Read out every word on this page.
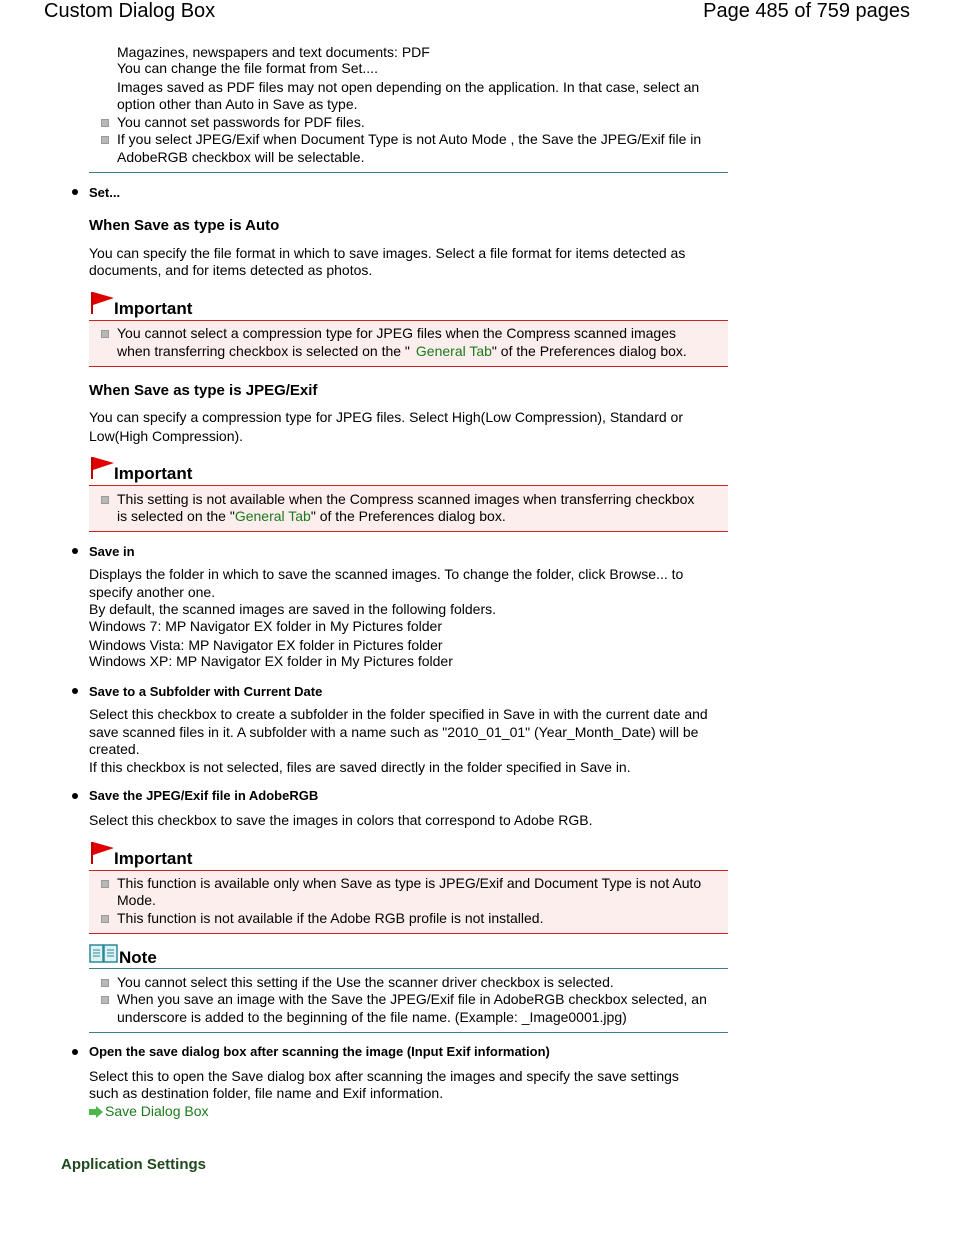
Custom Dialog Box	Page 485 of 759 pages
Magazines, newspapers and text documents: PDF
You can change the file format from Set....
Images saved as PDF files may not open depending on the application. In that case, select an
option other than Auto in Save as type.
You cannot set passwords for PDF files.
If you select JPEG/Exif when Document Type is not Auto Mode , the Save the JPEG/Exif file in
AdobeRGB checkbox will be selectable.
Set...
When Save as type is Auto
You can specify the file format in which to save images. Select a file format for items detected as
documents, and for items detected as photos.
Important
You cannot select a compression type for JPEG files when the Compress scanned images
when transferring checkbox is selected on the " General Tab" of the Preferences dialog box.
When Save as type is JPEG/Exif
You can specify a compression type for JPEG files. Select High(Low Compression), Standard or
Low(High Compression).
Important
This setting is not available when the Compress scanned images when transferring checkbox
is selected on the "General Tab" of the Preferences dialog box.
Save in
Displays the folder in which to save the scanned images. To change the folder, click Browse... to
specify another one.
By default, the scanned images are saved in the following folders.
Windows 7: MP Navigator EX folder in My Pictures folder
Windows Vista: MP Navigator EX folder in Pictures folder
Windows XP: MP Navigator EX folder in My Pictures folder
Save to a Subfolder with Current Date
Select this checkbox to create a subfolder in the folder specified in Save in with the current date and
save scanned files in it. A subfolder with a name such as "2010_01_01" (Year_Month_Date) will be
created.
If this checkbox is not selected, files are saved directly in the folder specified in Save in.
Save the JPEG/Exif file in AdobeRGB
Select this checkbox to save the images in colors that correspond to Adobe RGB.
Important
This function is available only when Save as type is JPEG/Exif and Document Type is not Auto
Mode.
This function is not available if the Adobe RGB profile is not installed.
Note
You cannot select this setting if the Use the scanner driver checkbox is selected.
When you save an image with the Save the JPEG/Exif file in AdobeRGB checkbox selected, an
underscore is added to the beginning of the file name. (Example: _Image0001.jpg)
Open the save dialog box after scanning the image (Input Exif information)
Select this to open the Save dialog box after scanning the images and specify the save settings
such as destination folder, file name and Exif information.
Save Dialog Box
Application Settings
